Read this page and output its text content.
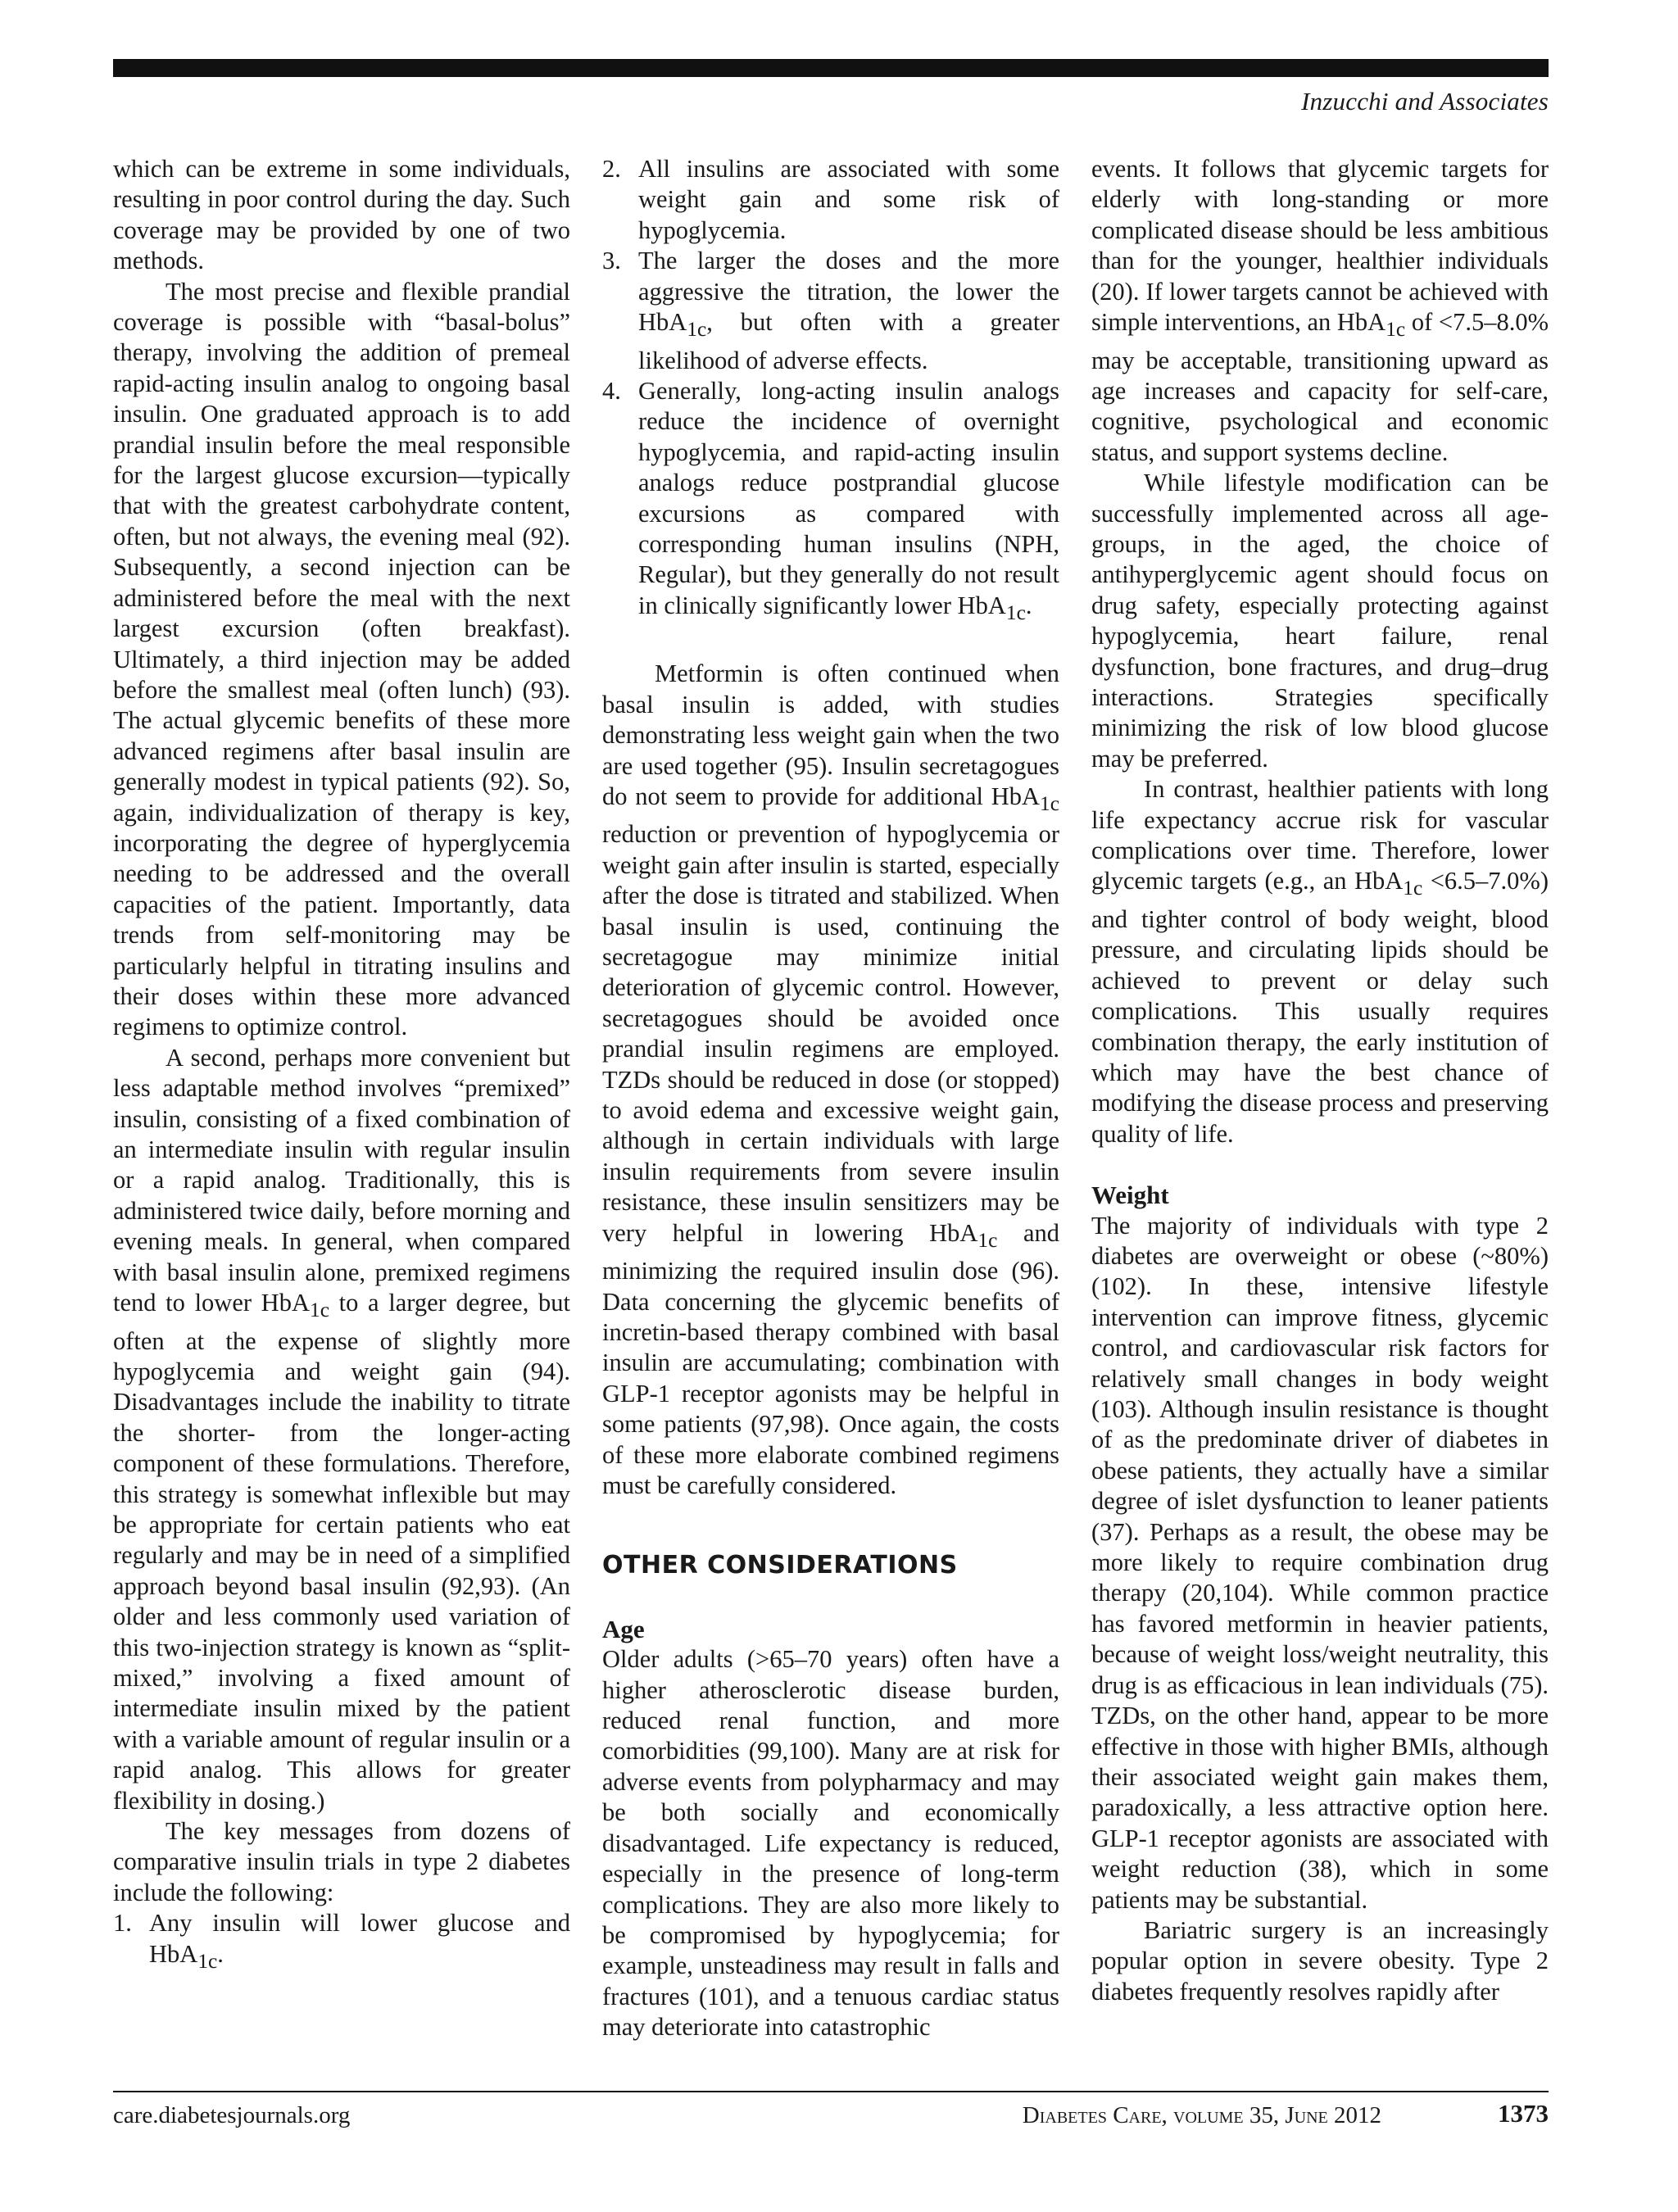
Inzucchi and Associates

which can be extreme in some individuals, resulting in poor control during the day. Such coverage may be provided by one of two methods.

The most precise and flexible prandial coverage is possible with “basal-bolus” therapy, involving the addition of premeal rapid-acting insulin analog to ongoing basal insulin. One graduated approach is to add prandial insulin before the meal responsible for the largest glucose excursion—typically that with the greatest carbohydrate content, often, but not always, the evening meal (92). Subsequently, a second injection can be administered before the meal with the next largest excursion (often breakfast). Ultimately, a third injection may be added before the smallest meal (often lunch) (93). The actual glycemic benefits of these more advanced regimens after basal insulin are generally modest in typical patients (92). So, again, individualization of therapy is key, incorporating the degree of hyperglycemia needing to be addressed and the overall capacities of the patient. Importantly, data trends from self-monitoring may be particularly helpful in titrating insulins and their doses within these more advanced regimens to optimize control.

A second, perhaps more convenient but less adaptable method involves “premixed” insulin, consisting of a fixed combination of an intermediate insulin with regular insulin or a rapid analog. Traditionally, this is administered twice daily, before morning and evening meals. In general, when compared with basal insulin alone, premixed regimens tend to lower HbA$_{1c}$ to a larger degree, but often at the expense of slightly more hypoglycemia and weight gain (94). Disadvantages include the inability to titrate the shorter- from the longer-acting component of these formulations. Therefore, this strategy is somewhat inflexible but may be appropriate for certain patients who eat regularly and may be in need of a simplified approach beyond basal insulin (92,93). (An older and less commonly used variation of this two-injection strategy is known as “split-mixed,” involving a fixed amount of intermediate insulin mixed by the patient with a variable amount of regular insulin or a rapid analog. This allows for greater flexibility in dosing.)

The key messages from dozens of comparative insulin trials in type 2 diabetes include the following:

1. Any insulin will lower glucose and HbA$_{1c}$.
2. All insulins are associated with some weight gain and some risk of hypoglycemia.
3. The larger the doses and the more aggressive the titration, the lower the HbA$_{1c}$, but often with a greater likelihood of adverse effects.
4. Generally, long-acting insulin analogs reduce the incidence of overnight hypoglycemia, and rapid-acting insulin analogs reduce postprandial glucose excursions as compared with corresponding human insulins (NPH, Regular), but they generally do not result in clinically significantly lower HbA$_{1c}$.

Metformin is often continued when basal insulin is added, with studies demonstrating less weight gain when the two are used together (95). Insulin secretagogues do not seem to provide for additional HbA$_{1c}$ reduction or prevention of hypoglycemia or weight gain after insulin is started, especially after the dose is titrated and stabilized. When basal insulin is used, continuing the secretagogue may minimize initial deterioration of glycemic control. However, secretagogues should be avoided once prandial insulin regimens are employed. TZDs should be reduced in dose (or stopped) to avoid edema and excessive weight gain, although in certain individuals with large insulin requirements from severe insulin resistance, these insulin sensitizers may be very helpful in lowering HbA$_{1c}$ and minimizing the required insulin dose (96). Data concerning the glycemic benefits of incretin-based therapy combined with basal insulin are accumulating; combination with GLP-1 receptor agonists may be helpful in some patients (97,98). Once again, the costs of these more elaborate combined regimens must be carefully considered.

OTHER CONSIDERATIONS

Age

Older adults (>65–70 years) often have a higher atherosclerotic disease burden, reduced renal function, and more comorbidities (99,100). Many are at risk for adverse events from polypharmacy and may be both socially and economically disadvantaged. Life expectancy is reduced, especially in the presence of long-term complications. They are also more likely to be compromised by hypoglycemia; for example, unsteadiness may result in falls and fractures (101), and a tenuous cardiac status may deteriorate into catastrophic

events. It follows that glycemic targets for elderly with long-standing or more complicated disease should be less ambitious than for the younger, healthier individuals (20). If lower targets cannot be achieved with simple interventions, an HbA$_{1c}$ of <7.5–8.0% may be acceptable, transitioning upward as age increases and capacity for self-care, cognitive, psychological and economic status, and support systems decline.

While lifestyle modification can be successfully implemented across all age-groups, in the aged, the choice of antihyperglycemic agent should focus on drug safety, especially protecting against hypoglycemia, heart failure, renal dysfunction, bone fractures, and drug–drug interactions. Strategies specifically minimizing the risk of low blood glucose may be preferred.

In contrast, healthier patients with long life expectancy accrue risk for vascular complications over time. Therefore, lower glycemic targets (e.g., an HbA$_{1c}$ <6.5–7.0%) and tighter control of body weight, blood pressure, and circulating lipids should be achieved to prevent or delay such complications. This usually requires combination therapy, the early institution of which may have the best chance of modifying the disease process and preserving quality of life.

Weight

The majority of individuals with type 2 diabetes are overweight or obese (~80%) (102). In these, intensive lifestyle intervention can improve fitness, glycemic control, and cardiovascular risk factors for relatively small changes in body weight (103). Although insulin resistance is thought of as the predominate driver of diabetes in obese patients, they actually have a similar degree of islet dysfunction to leaner patients (37). Perhaps as a result, the obese may be more likely to require combination drug therapy (20,104). While common practice has favored metformin in heavier patients, because of weight loss/weight neutrality, this drug is as efficacious in lean individuals (75). TZDs, on the other hand, appear to be more effective in those with higher BMIs, although their associated weight gain makes them, paradoxically, a less attractive option here. GLP-1 receptor agonists are associated with weight reduction (38), which in some patients may be substantial.

Bariatric surgery is an increasingly popular option in severe obesity. Type 2 diabetes frequently resolves rapidly after

care.diabetesjournals.org	Diabetes Care, volume 35, June 2012	1373
